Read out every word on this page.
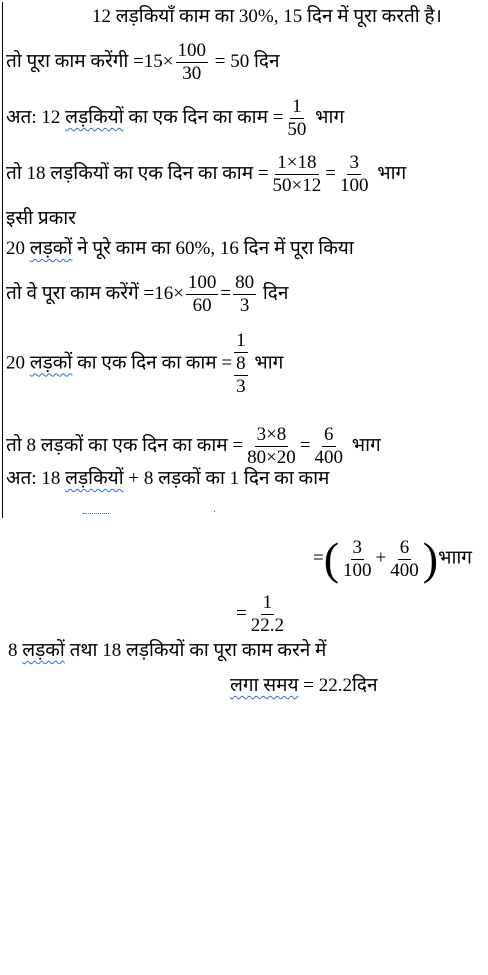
12 लड़कियाँ काम का 30%, 15 दिन में पूरा करती है।
तो पूरा काम करेंगी $=15\times \frac{100}{30} = 50$ दिन
अत: 12 लड़कियों का एक दिन का काम = $\frac{1}{50}$ भाग
तो 18 लड़कियों का एक दिन का काम = $\frac{1\times 18}{50\times 12} = \frac{3}{100}$ भाग
इसी प्रकार
20 लड़कों ने पूरे काम का 60%, 16 दिन में पूरा किया
तो वे पूरा काम करेंगें $=16\times \frac{100}{60} = \frac{80}{3}$ दिन
20 लड़कों का एक दिन का काम = 1
8
3 भाग
तो 8 लड़कों का एक दिन का काम = $\frac{3\times 8}{80\times 20} = \frac{6}{400}$ भाग
अत: 18 लड़कियों + 8 लड़कों का 1 दिन का काम
=( $\frac{3}{100} + \frac{6}{400}$ )भााग
= $\frac{1}{22.2}$
8 लड़कों तथा 18 लड़कियों का पूरा काम करने में
लगा समय = 22.2दिन
